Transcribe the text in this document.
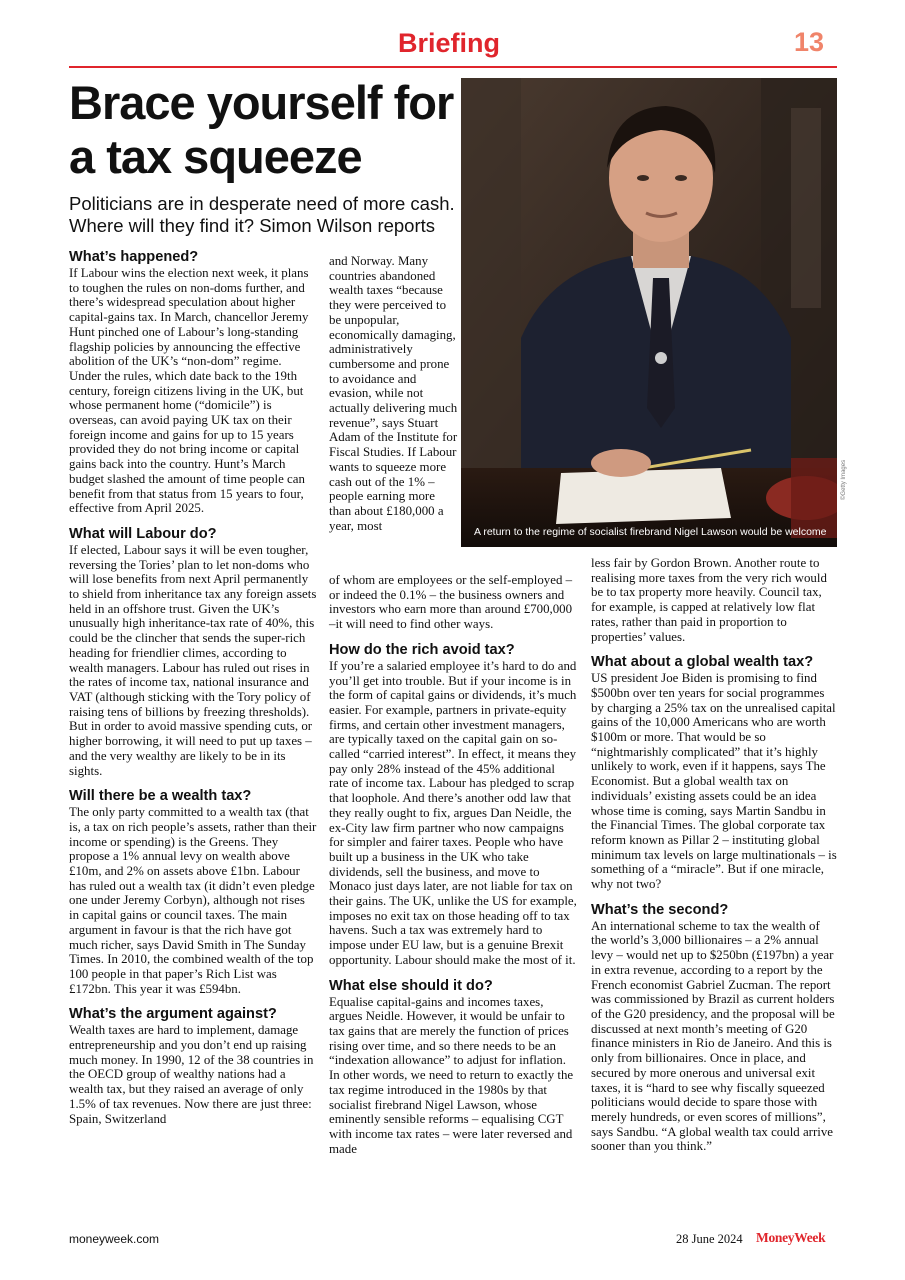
Briefing	13
Brace yourself for a tax squeeze
Politicians are in desperate need of more cash. Where will they find it? Simon Wilson reports
A return to the regime of socialist firebrand Nigel Lawson would be welcome
©Getty Images
What’s happened?

If Labour wins the election next week, it plans to toughen the rules on non-doms further, and there’s widespread speculation about higher capital-gains tax. In March, chancellor Jeremy Hunt pinched one of Labour’s long-standing flagship policies by announcing the effective abolition of the UK’s “non-dom” regime. Under the rules, which date back to the 19th century, foreign citizens living in the UK, but whose permanent home (“domicile”) is overseas, can avoid paying UK tax on their foreign income and gains for up to 15 years provided they do not bring income or capital gains back into the country. Hunt’s March budget slashed the amount of time people can benefit from that status from 15 years to four, effective from April 2025.

What will Labour do?

If elected, Labour says it will be even tougher, reversing the Tories’ plan to let non-doms who will lose benefits from next April permanently to shield from inheritance tax any foreign assets held in an offshore trust. Given the UK’s unusually high inheritance-tax rate of 40%, this could be the clincher that sends the super-rich heading for friendlier climes, according to wealth managers. Labour has ruled out rises in the rates of income tax, national insurance and VAT (although sticking with the Tory policy of raising tens of billions by freezing thresholds). But in order to avoid massive spending cuts, or higher borrowing, it will need to put up taxes – and the very wealthy are likely to be in its sights.

Will there be a wealth tax?

The only party committed to a wealth tax (that is, a tax on rich people’s assets, rather than their income or spending) is the Greens. They propose a 1% annual levy on wealth above £10m, and 2% on assets above £1bn. Labour has ruled out a wealth tax (it didn’t even pledge one under Jeremy Corbyn), although not rises in capital gains or council taxes. The main argument in favour is that the rich have got much richer, says David Smith in The Sunday Times. In 2010, the combined wealth of the top 100 people in that paper’s Rich List was £172bn. This year it was £594bn.

What’s the argument against?

Wealth taxes are hard to implement, damage entrepreneurship and you don’t end up raising much money. In 1990, 12 of the 38 countries in the OECD group of wealthy nations had a wealth tax, but they raised an average of only 1.5% of tax revenues. Now there are just three: Spain, Switzerland

and Norway. Many countries abandoned wealth taxes “because they were perceived to be unpopular, economically damaging, administratively cumbersome and prone to avoidance and evasion, while not actually delivering much revenue”, says Stuart Adam of the Institute for Fiscal Studies. If Labour wants to squeeze more cash out of the 1% – people earning more than about £180,000 a year, most

of whom are employees or the self-employed – or indeed the 0.1% – the business owners and investors who earn more than around £700,000 –it will need to find other ways.

How do the rich avoid tax?

If you’re a salaried employee it’s hard to do and you’ll get into trouble. But if your income is in the form of capital gains or dividends, it’s much easier. For example, partners in private-equity firms, and certain other investment managers, are typically taxed on the capital gain on so-called “carried interest”. In effect, it means they pay only 28% instead of the 45% additional rate of income tax. Labour has pledged to scrap that loophole. And there’s another odd law that they really ought to fix, argues Dan Neidle, the ex-City law firm partner who now campaigns for simpler and fairer taxes. People who have built up a business in the UK who take dividends, sell the business, and move to Monaco just days later, are not liable for tax on their gains. The UK, unlike the US for example, imposes no exit tax on those heading off to tax havens. Such a tax was extremely hard to impose under EU law, but is a genuine Brexit opportunity. Labour should make the most of it.

What else should it do?

Equalise capital-gains and incomes taxes, argues Neidle. However, it would be unfair to tax gains that are merely the function of prices rising over time, and so there needs to be an “indexation allowance” to adjust for inflation. In other words, we need to return to exactly the tax regime introduced in the 1980s by that socialist firebrand Nigel Lawson, whose eminently sensible reforms – equalising CGT with income tax rates – were later reversed and made

less fair by Gordon Brown. Another route to realising more taxes from the very rich would be to tax property more heavily. Council tax, for example, is capped at relatively low flat rates, rather than paid in proportion to properties’ values.

What about a global wealth tax?

US president Joe Biden is promising to find $500bn over ten years for social programmes by charging a 25% tax on the unrealised capital gains of the 10,000 Americans who are worth $100m or more. That would be so “nightmarishly complicated” that it’s highly unlikely to work, even if it happens, says The Economist. But a global wealth tax on individuals’ existing assets could be an idea whose time is coming, says Martin Sandbu in the Financial Times. The global corporate tax reform known as Pillar 2 – instituting global minimum tax levels on large multinationals – is something of a “miracle”. But if one miracle, why not two?

What’s the second?

An international scheme to tax the wealth of the world’s 3,000 billionaires – a 2% annual levy – would net up to $250bn (£197bn) a year in extra revenue, according to a report by the French economist Gabriel Zucman. The report was commissioned by Brazil as current holders of the G20 presidency, and the proposal will be discussed at next month’s meeting of G20 finance ministers in Rio de Janeiro. And this is only from billionaires. Once in place, and secured by more onerous and universal exit taxes, it is “hard to see why fiscally squeezed politicians would decide to spare those with merely hundreds, or even scores of millions”, says Sandbu. “A global wealth tax could arrive sooner than you think.”

moneyweek.com	28 June 2024 MoneyWeek
